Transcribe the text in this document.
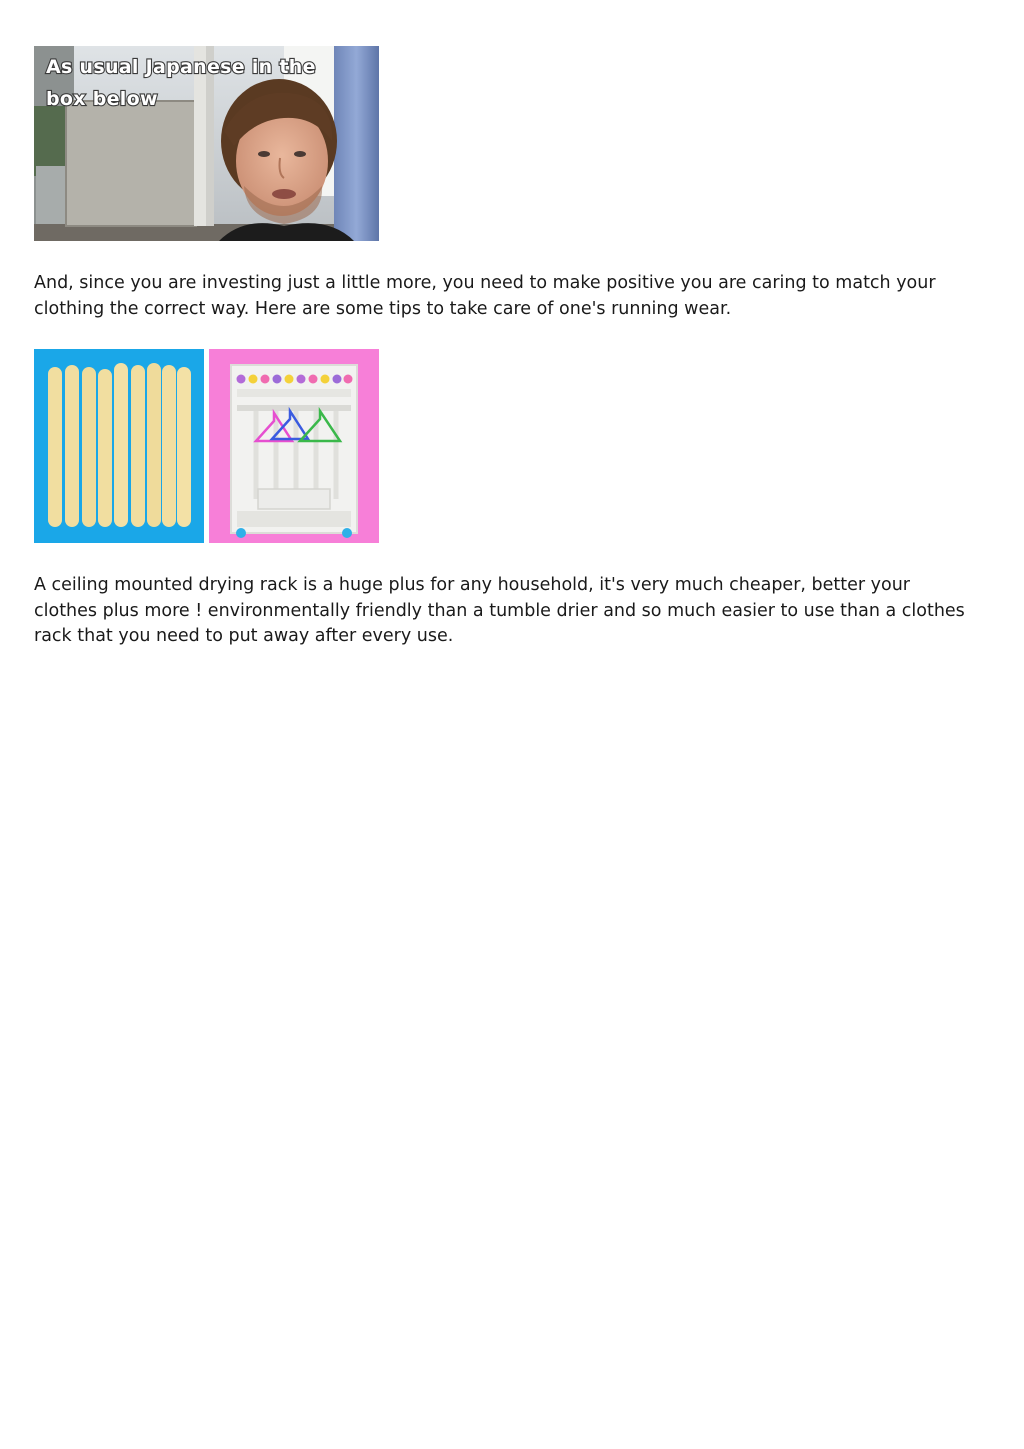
As usual Japanese in the
box below

And, since you are investing just a little more, you need to make positive you are caring to match your clothing the correct way. Here are some tips to take care of one's running wear.

A ceiling mounted drying rack is a huge plus for any household, it's very much cheaper, better your clothes plus more ! environmentally friendly than a tumble drier and so much easier to use than a clothes rack that you need to put away after every use.
